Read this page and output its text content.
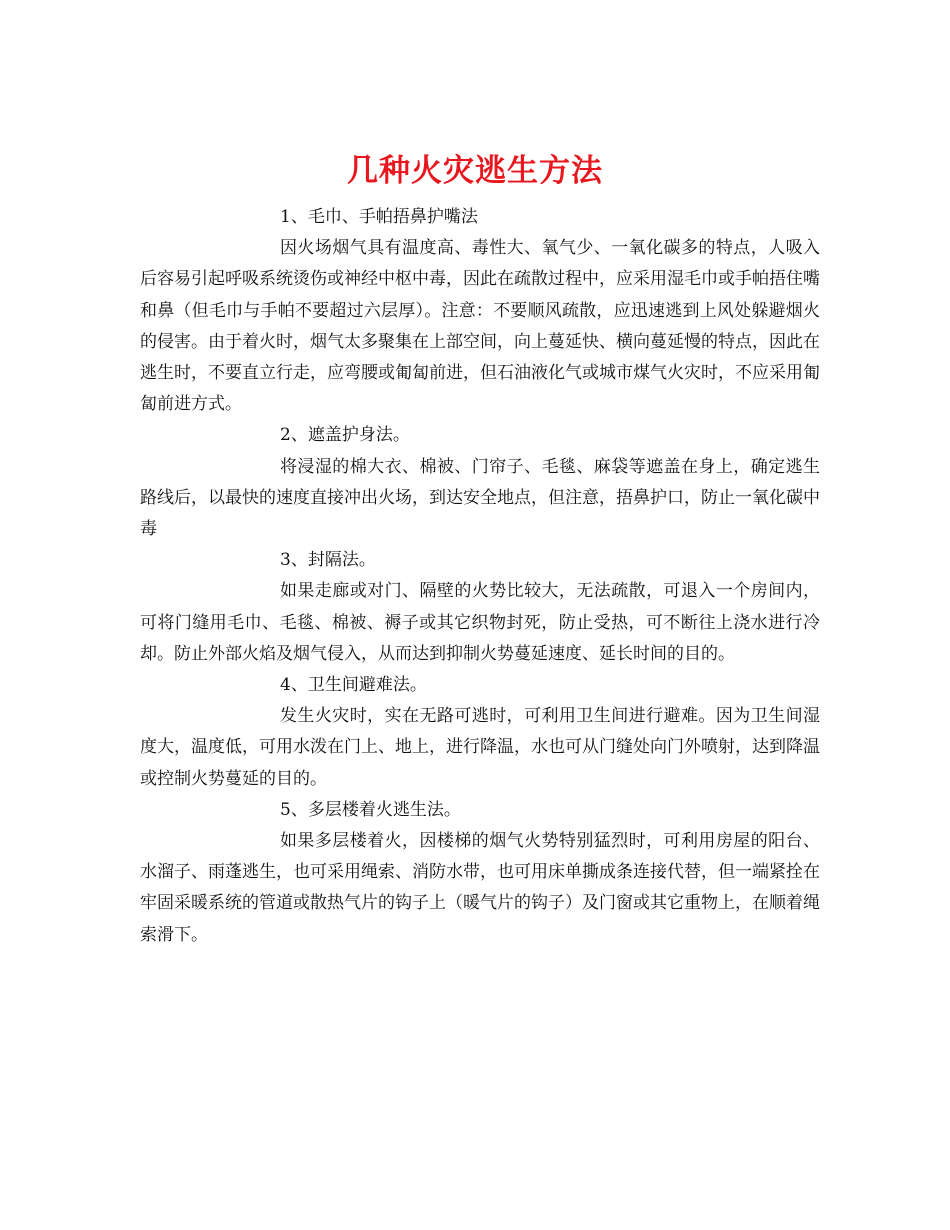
几种火灾逃生方法

1、毛巾、手帕捂鼻护嘴法

因火场烟气具有温度高、毒性大、氧气少、一氧化碳多的特点，人吸入后容易引起呼吸系统烫伤或神经中枢中毒，因此在疏散过程中，应采用湿毛巾或手帕捂住嘴和鼻（但毛巾与手帕不要超过六层厚）。注意：不要顺风疏散，应迅速逃到上风处躲避烟火的侵害。由于着火时，烟气太多聚集在上部空间，向上蔓延快、横向蔓延慢的特点，因此在逃生时，不要直立行走，应弯腰或匍匐前进，但石油液化气或城市煤气火灾时，不应采用匍匐前进方式。

2、遮盖护身法。

将浸湿的棉大衣、棉被、门帘子、毛毯、麻袋等遮盖在身上，确定逃生路线后，以最快的速度直接冲出火场，到达安全地点，但注意，捂鼻护口，防止一氧化碳中毒

3、封隔法。

如果走廊或对门、隔壁的火势比较大，无法疏散，可退入一个房间内，可将门缝用毛巾、毛毯、棉被、褥子或其它织物封死，防止受热，可不断往上浇水进行冷却。防止外部火焰及烟气侵入，从而达到抑制火势蔓延速度、延长时间的目的。

4、卫生间避难法。

发生火灾时，实在无路可逃时，可利用卫生间进行避难。因为卫生间湿度大，温度低，可用水泼在门上、地上，进行降温，水也可从门缝处向门外喷射，达到降温或控制火势蔓延的目的。

5、多层楼着火逃生法。

如果多层楼着火，因楼梯的烟气火势特别猛烈时，可利用房屋的阳台、水溜子、雨蓬逃生，也可采用绳索、消防水带，也可用床单撕成条连接代替，但一端紧拴在牢固采暖系统的管道或散热气片的钩子上（暖气片的钩子）及门窗或其它重物上，在顺着绳索滑下。
